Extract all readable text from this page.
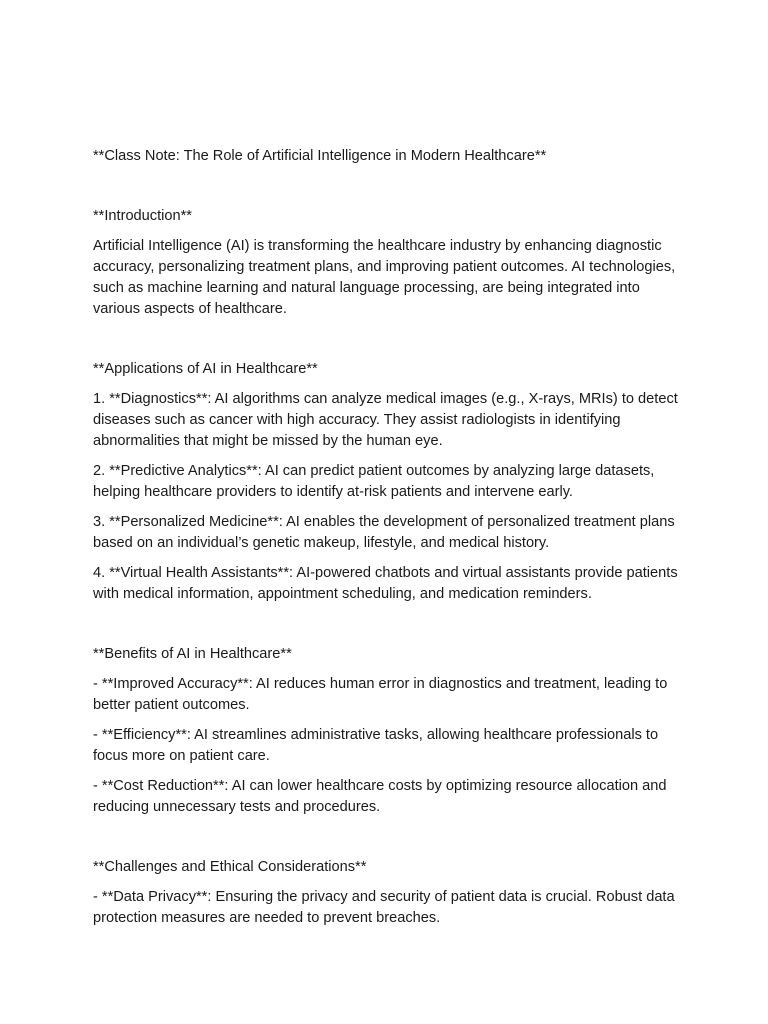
**Class Note: The Role of Artificial Intelligence in Modern Healthcare**

**Introduction**

Artificial Intelligence (AI) is transforming the healthcare industry by enhancing diagnostic accuracy, personalizing treatment plans, and improving patient outcomes. AI technologies, such as machine learning and natural language processing, are being integrated into various aspects of healthcare.

**Applications of AI in Healthcare**

1. **Diagnostics**: AI algorithms can analyze medical images (e.g., X-rays, MRIs) to detect diseases such as cancer with high accuracy. They assist radiologists in identifying abnormalities that might be missed by the human eye.

2. **Predictive Analytics**: AI can predict patient outcomes by analyzing large datasets, helping healthcare providers to identify at-risk patients and intervene early.

3. **Personalized Medicine**: AI enables the development of personalized treatment plans based on an individual’s genetic makeup, lifestyle, and medical history.

4. **Virtual Health Assistants**: AI-powered chatbots and virtual assistants provide patients with medical information, appointment scheduling, and medication reminders.

**Benefits of AI in Healthcare**

- **Improved Accuracy**: AI reduces human error in diagnostics and treatment, leading to better patient outcomes.

- **Efficiency**: AI streamlines administrative tasks, allowing healthcare professionals to focus more on patient care.

- **Cost Reduction**: AI can lower healthcare costs by optimizing resource allocation and reducing unnecessary tests and procedures.

**Challenges and Ethical Considerations**

- **Data Privacy**: Ensuring the privacy and security of patient data is crucial. Robust data protection measures are needed to prevent breaches.
